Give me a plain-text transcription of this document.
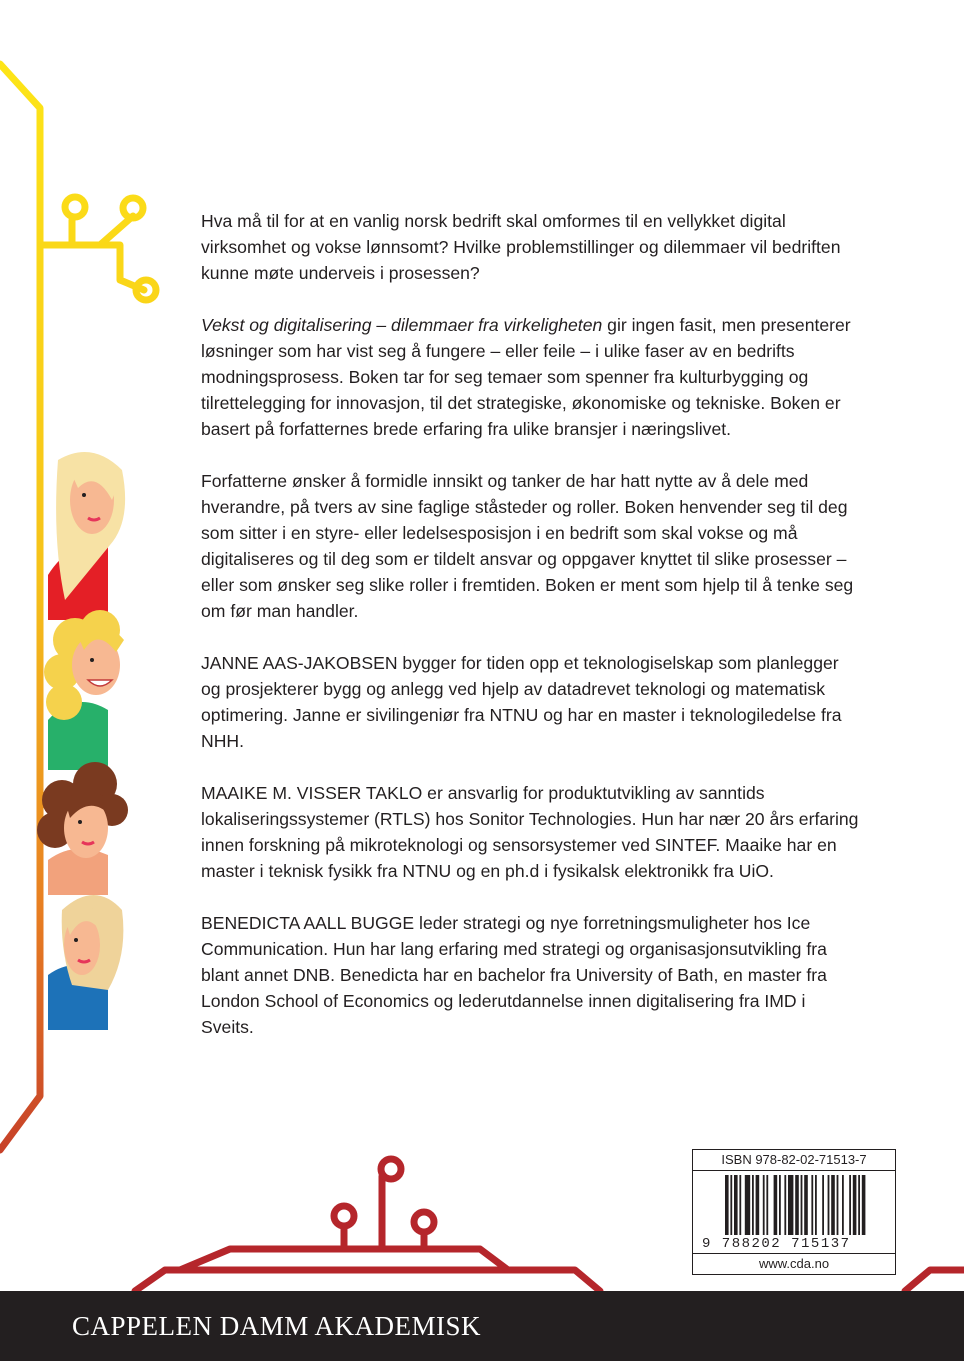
Hva må til for at en vanlig norsk bedrift skal omformes til en vellykket digital virksomhet og vokse lønnsomt? Hvilke problemstillinger og dilemmaer vil bedriften kunne møte underveis i prosessen?

Vekst og digitalisering – dilemmaer fra virkeligheten gir ingen fasit, men presenterer løsninger som har vist seg å fungere – eller feile – i ulike faser av en bedrifts modningsprosess. Boken tar for seg temaer som spenner fra kulturbygging og tilrettelegging for innovasjon, til det strategiske, økonomiske og tekniske. Boken er basert på forfatternes brede erfaring fra ulike bransjer i næringslivet.

Forfatterne ønsker å formidle innsikt og tanker de har hatt nytte av å dele med hverandre, på tvers av sine faglige ståsteder og roller. Boken henvender seg til deg som sitter i en styre- eller ledelsesposisjon i en bedrift som skal vokse og må digitaliseres og til deg som er tildelt ansvar og oppgaver knyttet til slike prosesser – eller som ønsker seg slike roller i fremtiden. Boken er ment som hjelp til å tenke seg om før man handler.

JANNE AAS-JAKOBSEN bygger for tiden opp et teknologiselskap som planlegger og prosjekterer bygg og anlegg ved hjelp av datadrevet teknologi og matematisk optimering. Janne er sivilingeniør fra NTNU og har en master i teknologiledelse fra NHH.

MAAIKE M. VISSER TAKLO er ansvarlig for produktutvikling av sanntids lokaliseringssystemer (RTLS) hos Sonitor Technologies. Hun har nær 20 års erfaring innen forskning på mikroteknologi og sensorsystemer ved SINTEF. Maaike har en master i teknisk fysikk fra NTNU og en ph.d i fysikalsk elektronikk fra UiO.

BENEDICTA AALL BUGGE leder strategi og nye forretningsmuligheter hos Ice Communication. Hun har lang erfaring med strategi og organisasjonsutvikling fra blant annet DNB. Benedicta har en bachelor fra University of Bath, en master fra London School of Economics og lederutdannelse innen digitalisering fra IMD i Sveits.

ISBN 978-82-02-71513-7
9 788202 715137
www.cda.no
CAPPELEN DAMM AKADEMISK
